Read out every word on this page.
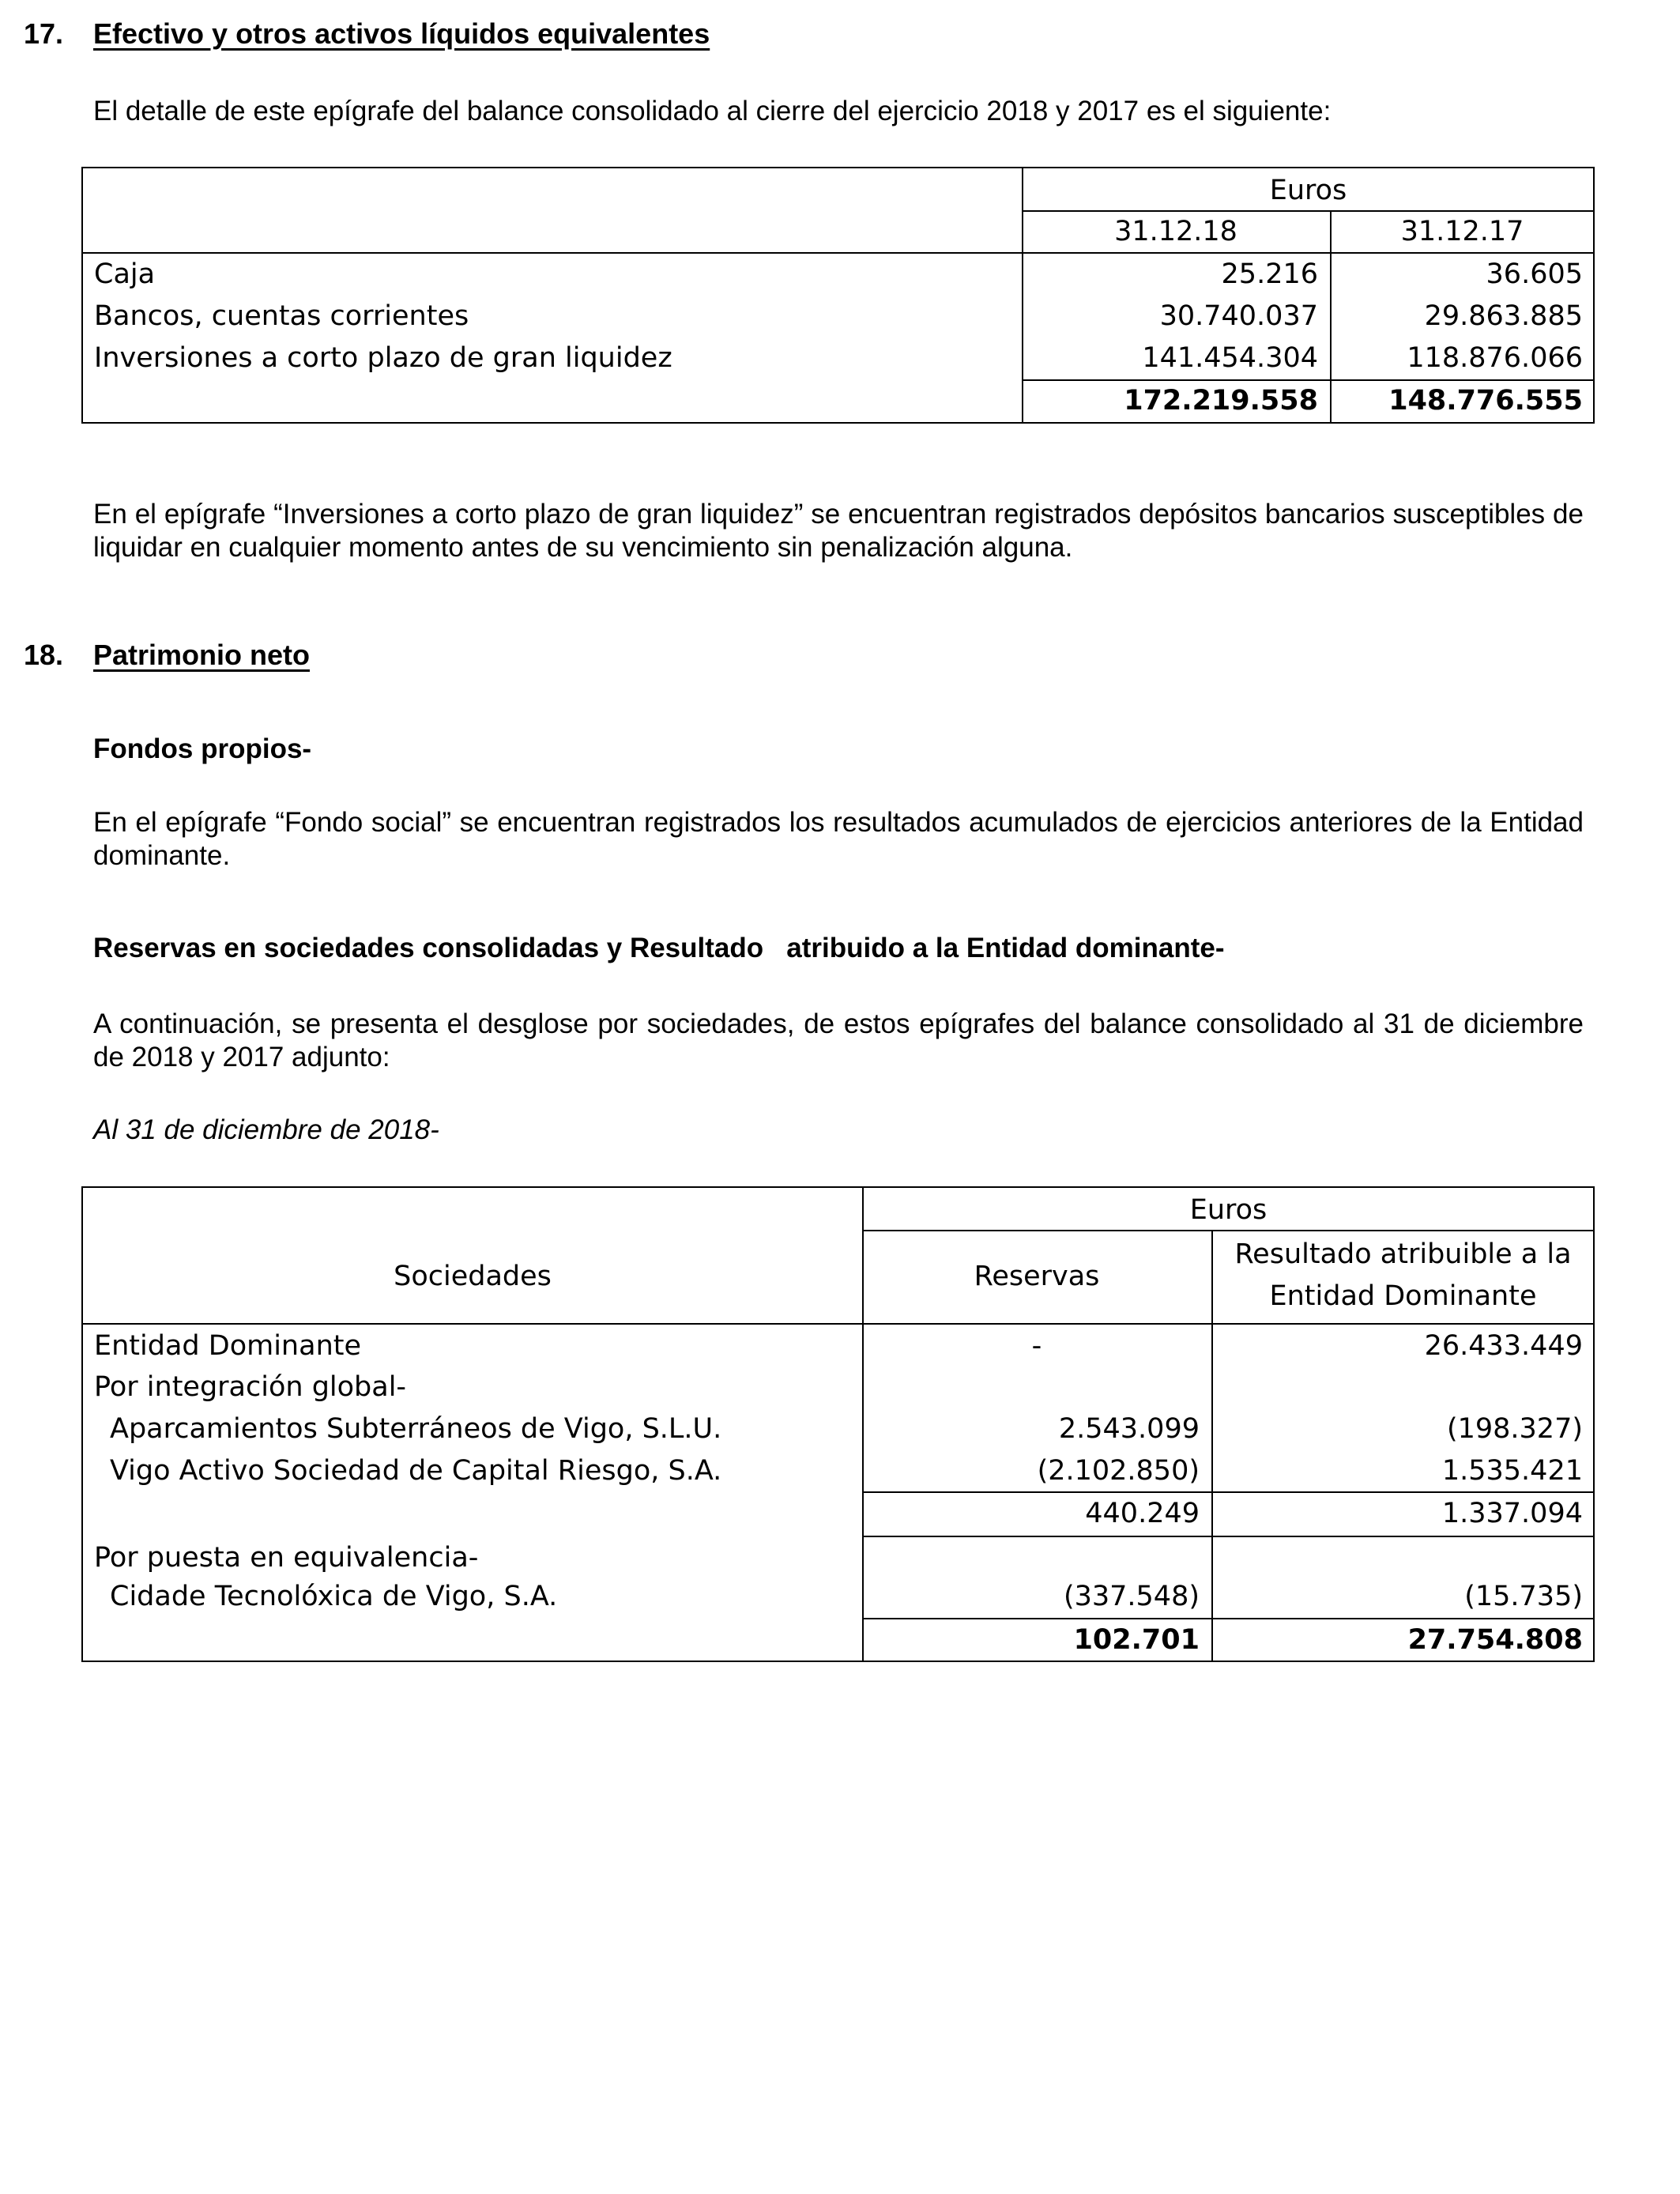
17. Efectivo y otros activos líquidos equivalentes

El detalle de este epígrafe del balance consolidado al cierre del ejercicio 2018 y 2017 es el siguiente:

Euros
31.12.18	31.12.17
Caja	25.216	36.605
Bancos, cuentas corrientes	30.740.037	29.863.885
Inversiones a corto plazo de gran liquidez	141.454.304	118.876.066
172.219.558	148.776.555

En el epígrafe “Inversiones a corto plazo de gran liquidez” se encuentran registrados depósitos bancarios susceptibles de liquidar en cualquier momento antes de su vencimiento sin penalización alguna.

18. Patrimonio neto
Fondos propios-

En el epígrafe “Fondo social” se encuentran registrados los resultados acumulados de ejercicios anteriores de la Entidad dominante.

Reservas en sociedades consolidadas y Resultado   atribuido a la Entidad dominante-

A continuación, se presenta el desglose por sociedades, de estos epígrafes del balance consolidado al 31 de diciembre de 2018 y 2017 adjunto:

Al 31 de diciembre de 2018-
Euros
Sociedades	Reservas
Resultado atribuible a la
Entidad Dominante
Entidad Dominante	-	26.433.449
Por integración global-
Aparcamientos Subterráneos de Vigo, S.L.U.	2.543.099	(198.327)
Vigo Activo Sociedad de Capital Riesgo, S.A.	(2.102.850)	1.535.421
440.249	1.337.094
Por puesta en equivalencia-
Cidade Tecnolóxica de Vigo, S.A.	(337.548)	(15.735)
102.701	27.754.808
